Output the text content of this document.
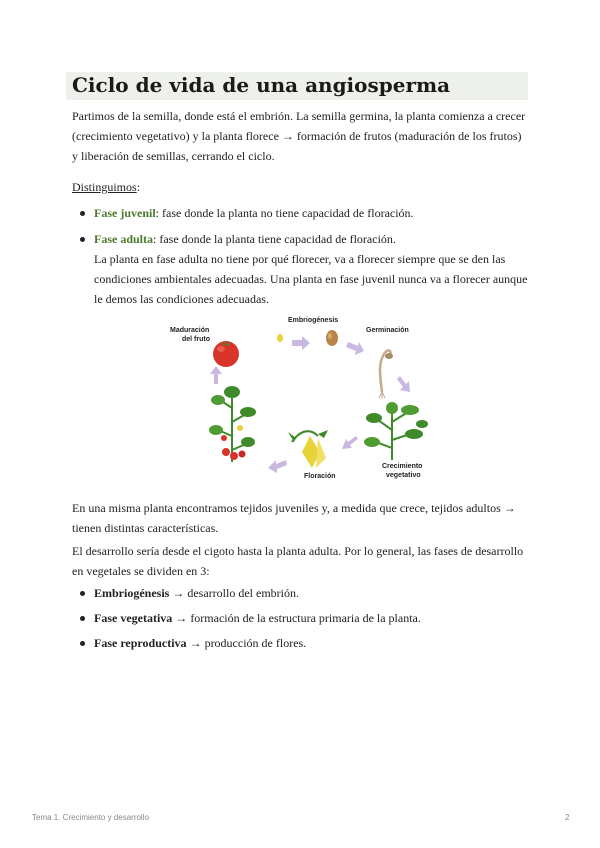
Ciclo de vida de una angiosperma

Partimos de la semilla, donde está el embrión. La semilla germina, la planta comienza a crecer (crecimiento vegetativo) y la planta florece → formación de frutos (maduración de los frutos) y liberación de semillas, cerrando el ciclo.

Distinguimos:

Fase juvenil: fase donde la planta no tiene capacidad de floración.
Fase adulta: fase donde la planta tiene capacidad de floración.
La planta en fase adulta no tiene por qué florecer, va a florecer siempre que se den las condiciones ambientales adecuadas. Una planta en fase juvenil nunca va a florecer aunque le demos las condiciones adecuadas.
Maduración
del fruto
Embriogénesis
Germinación
Crecimiento
vegetativo
Floración

En una misma planta encontramos tejidos juveniles y, a medida que crece, tejidos adultos → tienen distintas características.

El desarrollo sería desde el cigoto hasta la planta adulta. Por lo general, las fases de desarrollo en vegetales se dividen en 3:

Embriogénesis → desarrollo del embrión.
Fase vegetativa → formación de la estructura primaria de la planta.
Fase reproductiva → producción de flores.
Tema 1. Crecimiento y desarrollo	2
